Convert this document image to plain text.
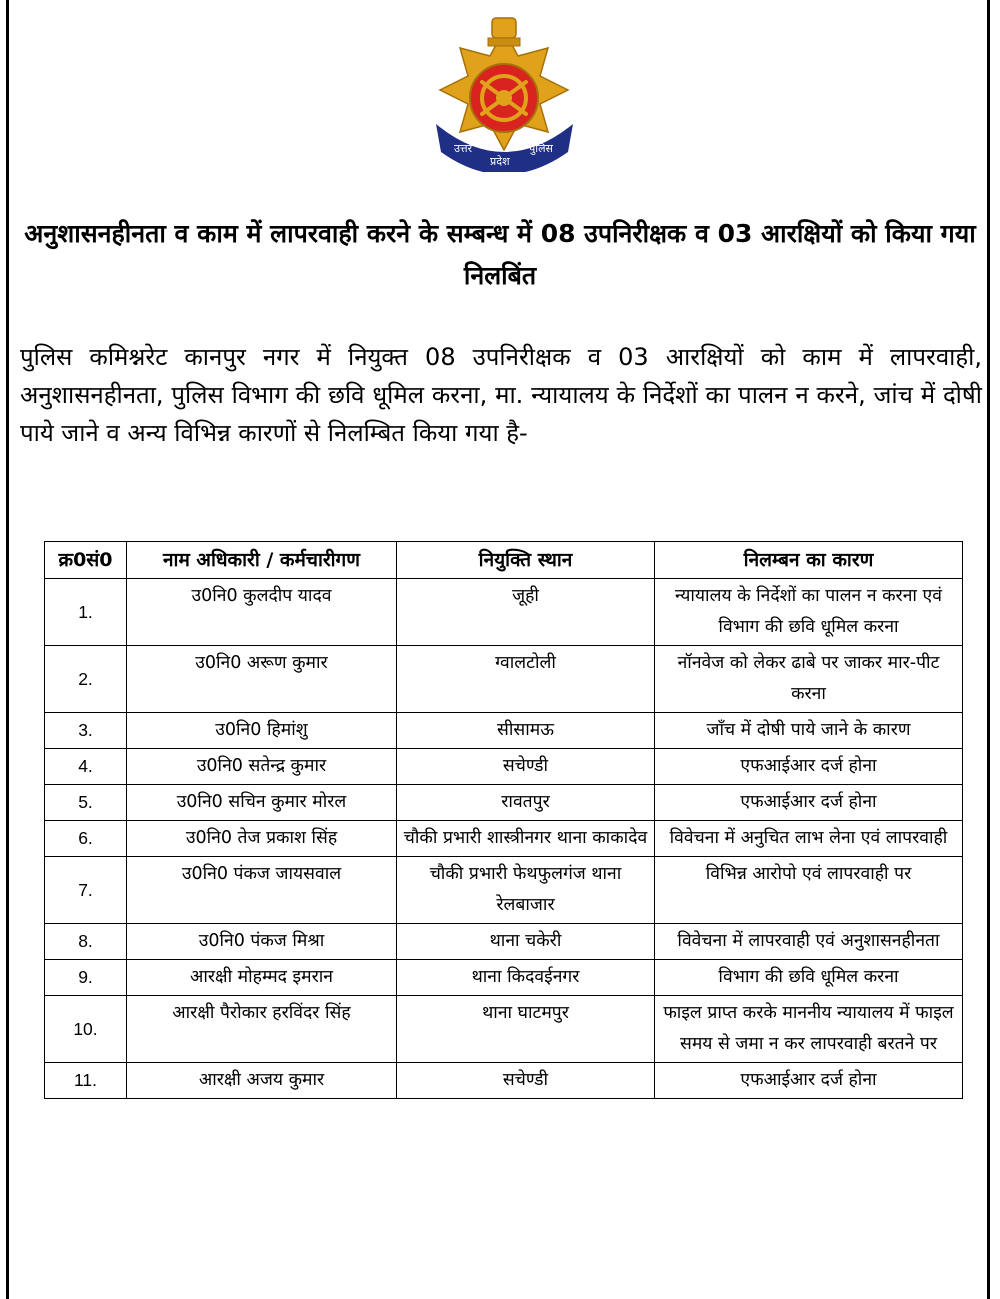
उत्तर
प्रदेश
पुलिस
अनुशासनहीनता व काम में लापरवाही करने के सम्बन्ध में 08 उपनिरीक्षक व 03 आरक्षियों को किया गया निलबिंत
पुलिस कमिश्नरेट कानपुर नगर में नियुक्त 08 उपनिरीक्षक व 03 आरक्षियों को काम में लापरवाही, अनुशासनहीनता, पुलिस विभाग की छवि धूमिल करना, मा. न्यायालय के निर्देशों का पालन न करने, जांच में दोषी पाये जाने व अन्य विभिन्न कारणों से निलम्बित किया गया है-
क्र0सं0	नाम अधिकारी / कर्मचारीगण	नियुक्ति स्थान	निलम्बन का कारण
1.	उ0नि0 कुलदीप यादव	जूही	न्यायालय के निर्देशों का पालन न करना एवं विभाग की छवि धूमिल करना
2.	उ0नि0 अरूण कुमार	ग्वालटोली	नॉनवेज को लेकर ढाबे पर जाकर मार-पीट करना
3.	उ0नि0 हिमांशु	सीसामऊ	जाँच में दोषी पाये जाने के कारण
4.	उ0नि0 सतेन्द्र कुमार	सचेण्डी	एफआईआर दर्ज होना
5.	उ0नि0 सचिन कुमार मोरल	रावतपुर	एफआईआर दर्ज होना
6.	उ0नि0 तेज प्रकाश सिंह	चौकी प्रभारी शास्त्रीनगर थाना काकादेव	विवेचना में अनुचित लाभ लेना एवं लापरवाही
7.	उ0नि0 पंकज जायसवाल	चौकी प्रभारी फेथफुलगंज थाना रेलबाजार	विभिन्न आरोपो एवं लापरवाही पर
8.	उ0नि0 पंकज मिश्रा	थाना चकेरी	विवेचना में लापरवाही एवं अनुशासनहीनता
9.	आरक्षी मोहम्मद इमरान	थाना किदवईनगर	विभाग की छवि धूमिल करना
10.	आरक्षी पैरोकार हरविंदर सिंह	थाना घाटमपुर	फाइल प्राप्त करके माननीय न्यायालय में फाइल समय से जमा न कर लापरवाही बरतने पर
11.	आरक्षी अजय कुमार	सचेण्डी	एफआईआर दर्ज होना
